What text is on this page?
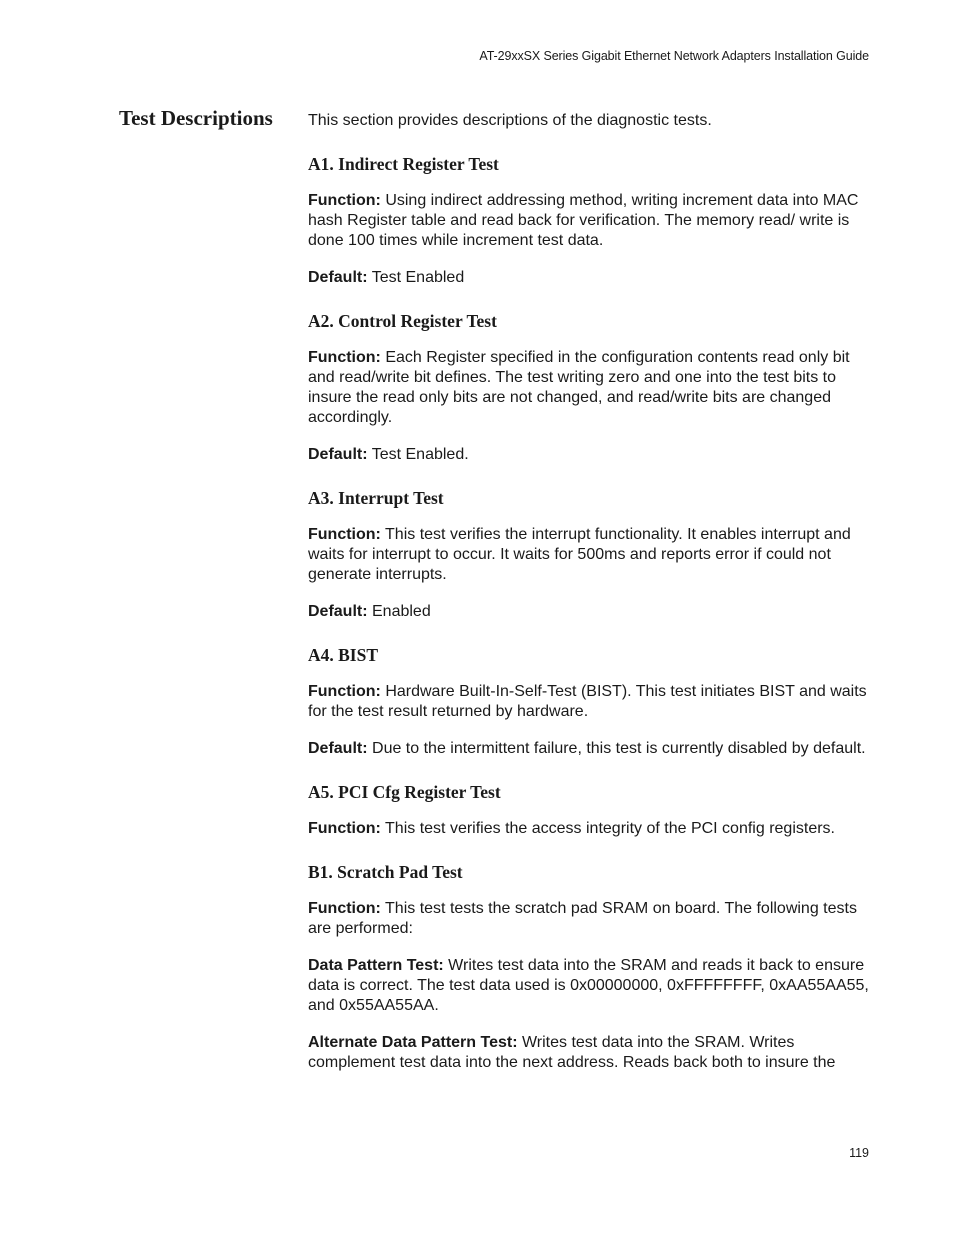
AT-29xxSX Series Gigabit Ethernet Network Adapters Installation Guide
Test Descriptions This section provides descriptions of the diagnostic tests.

A1. Indirect Register Test

Function: Using indirect addressing method, writing increment data into MAC hash Register table and read back for verification. The memory read/ write is done 100 times while increment test data.

Default: Test Enabled

A2. Control Register Test

Function: Each Register specified in the configuration contents read only bit and read/write bit defines. The test writing zero and one into the test bits to insure the read only bits are not changed, and read/write bits are changed accordingly.

Default: Test Enabled.

A3. Interrupt Test

Function: This test verifies the interrupt functionality. It enables interrupt and waits for interrupt to occur. It waits for 500ms and reports error if could not generate interrupts.

Default: Enabled

A4. BIST

Function: Hardware Built-In-Self-Test (BIST). This test initiates BIST and waits for the test result returned by hardware.

Default: Due to the intermittent failure, this test is currently disabled by default.

A5. PCI Cfg Register Test

Function: This test verifies the access integrity of the PCI config registers.

B1. Scratch Pad Test

Function: This test tests the scratch pad SRAM on board. The following tests are performed:

Data Pattern Test: Writes test data into the SRAM and reads it back to ensure data is correct. The test data used is 0x00000000, 0xFFFFFFFF, 0xAA55AA55, and 0x55AA55AA.

Alternate Data Pattern Test: Writes test data into the SRAM. Writes complement test data into the next address. Reads back both to insure the

119
